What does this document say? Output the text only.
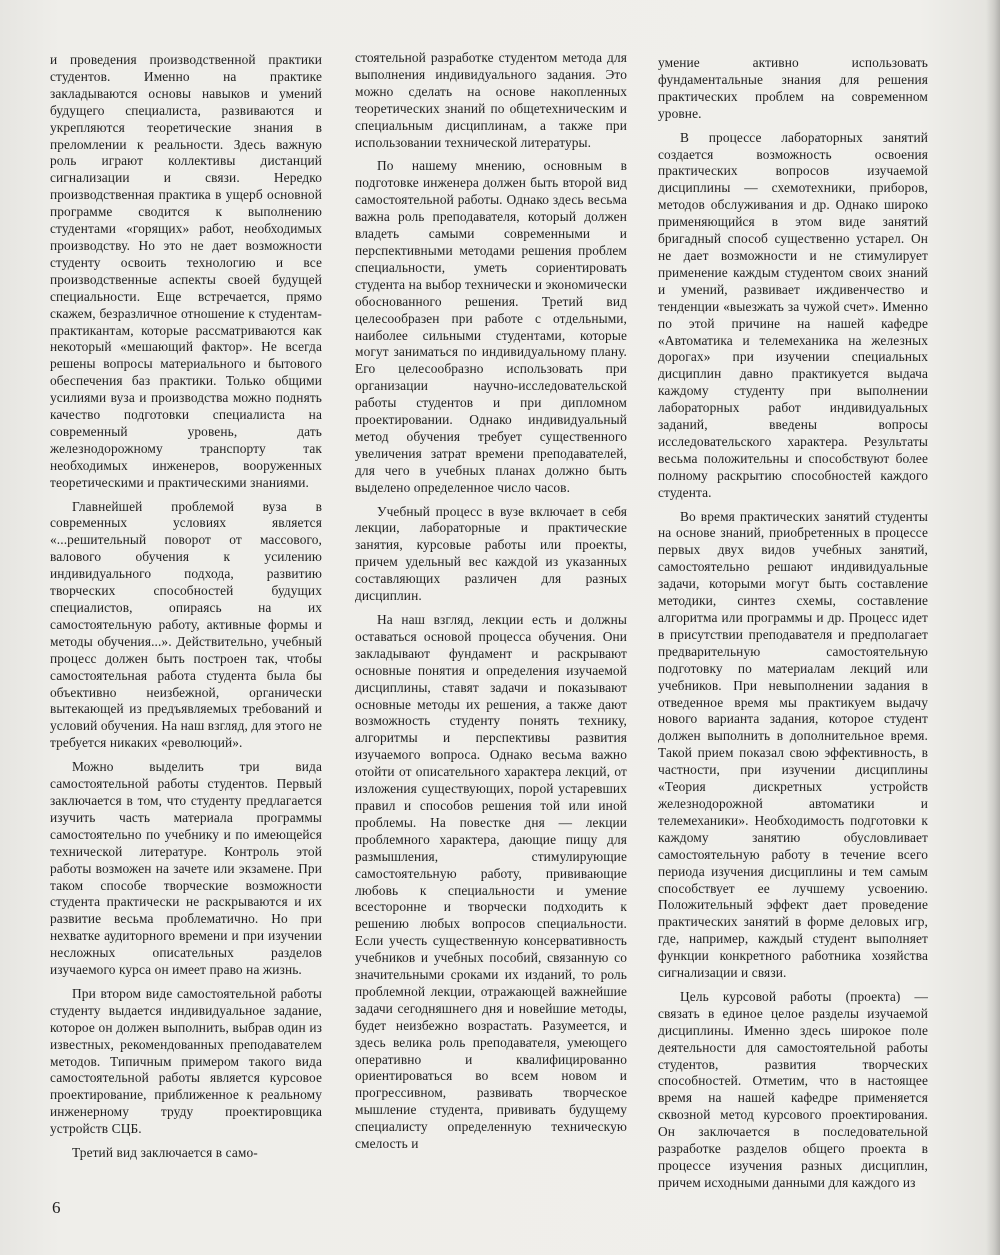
и проведения производственной практики студентов. Именно на практике закладываются основы навыков и умений будущего специалиста, развиваются и укрепляются теоретические знания в преломлении к реальности. Здесь важную роль играют коллективы дистанций сигнализации и связи. Нередко производственная практика в ущерб основной программе сводится к выполнению студентами «горящих» работ, необходимых производству. Но это не дает возможности студенту освоить технологию и все производственные аспекты своей будущей специальности. Еще встречается, прямо скажем, безразличное отношение к студентам-практикантам, которые рассматриваются как некоторый «мешающий фактор». Не всегда решены вопросы материального и бытового обеспечения баз практики. Только общими усилиями вуза и производства можно поднять качество подготовки специалиста на современный уровень, дать железнодорожному транспорту так необходимых инженеров, вооруженных теоретическими и практическими знаниями.

Главнейшей проблемой вуза в современных условиях является «...решительный поворот от массового, валового обучения к усилению индивидуального подхода, развитию творческих способностей будущих специалистов, опираясь на их самостоятельную работу, активные формы и методы обучения...». Действительно, учебный процесс должен быть построен так, чтобы самостоятельная работа студента была бы объективно неизбежной, органически вытекающей из предъявляемых требований и условий обучения. На наш взгляд, для этого не требуется никаких «революций».

Можно выделить три вида самостоятельной работы студентов. Первый заключается в том, что студенту предлагается изучить часть материала программы самостоятельно по учебнику и по имеющейся технической литературе. Контроль этой работы возможен на зачете или экзамене. При таком способе творческие возможности студента практически не раскрываются и их развитие весьма проблематично. Но при нехватке аудиторного времени и при изучении несложных описательных разделов изучаемого курса он имеет право на жизнь.

При втором виде самостоятельной работы студенту выдается индивидуальное задание, которое он должен выполнить, выбрав один из известных, рекомендованных преподавателем методов. Типичным примером такого вида самостоятельной работы является курсовое проектирование, приближенное к реальному инженерному труду проектировщика устройств СЦБ.

Третий вид заключается в само-

стоятельной разработке студентом метода для выполнения индивидуального задания. Это можно сделать на основе накопленных теоретических знаний по общетехническим и специальным дисциплинам, а также при использовании технической литературы.

По нашему мнению, основным в подготовке инженера должен быть второй вид самостоятельной работы. Однако здесь весьма важна роль преподавателя, который должен владеть самыми современными и перспективными методами решения проблем специальности, уметь сориентировать студента на выбор технически и экономически обоснованного решения. Третий вид целесообразен при работе с отдельными, наиболее сильными студентами, которые могут заниматься по индивидуальному плану. Его целесообразно использовать при организации научно-исследовательской работы студентов и при дипломном проектировании. Однако индивидуальный метод обучения требует существенного увеличения затрат времени преподавателей, для чего в учебных планах должно быть выделено определенное число часов.

Учебный процесс в вузе включает в себя лекции, лабораторные и практические занятия, курсовые работы или проекты, причем удельный вес каждой из указанных составляющих различен для разных дисциплин.

На наш взгляд, лекции есть и должны оставаться основой процесса обучения. Они закладывают фундамент и раскрывают основные понятия и определения изучаемой дисциплины, ставят задачи и показывают основные методы их решения, а также дают возможность студенту понять технику, алгоритмы и перспективы развития изучаемого вопроса. Однако весьма важно отойти от описательного характера лекций, от изложения существующих, порой устаревших правил и способов решения той или иной проблемы. На повестке дня — лекции проблемного характера, дающие пищу для размышления, стимулирующие самостоятельную работу, прививающие любовь к специальности и умение всесторонне и творчески подходить к решению любых вопросов специальности. Если учесть существенную консервативность учебников и учебных пособий, связанную со значительными сроками их изданий, то роль проблемной лекции, отражающей важнейшие задачи сегодняшнего дня и новейшие методы, будет неизбежно возрастать. Разумеется, и здесь велика роль преподавателя, умеющего оперативно и квалифицированно ориентироваться во всем новом и прогрессивном, развивать творческое мышление студента, прививать будущему специалисту определенную техническую смелость и

умение активно использовать фундаментальные знания для решения практических проблем на современном уровне.

В процессе лабораторных занятий создается возможность освоения практических вопросов изучаемой дисциплины — схемотехники, приборов, методов обслуживания и др. Однако широко применяющийся в этом виде занятий бригадный способ существенно устарел. Он не дает возможности и не стимулирует применение каждым студентом своих знаний и умений, развивает иждивенчество и тенденции «выезжать за чужой счет». Именно по этой причине на нашей кафедре «Автоматика и телемеханика на железных дорогах» при изучении специальных дисциплин давно практикуется выдача каждому студенту при выполнении лабораторных работ индивидуальных заданий, введены вопросы исследовательского характера. Результаты весьма положительны и способствуют более полному раскрытию способностей каждого студента.

Во время практических занятий студенты на основе знаний, приобретенных в процессе первых двух видов учебных занятий, самостоятельно решают индивидуальные задачи, которыми могут быть составление методики, синтез схемы, составление алгоритма или программы и др. Процесс идет в присутствии преподавателя и предполагает предварительную самостоятельную подготовку по материалам лекций или учебников. При невыполнении задания в отведенное время мы практикуем выдачу нового варианта задания, которое студент должен выполнить в дополнительное время. Такой прием показал свою эффективность, в частности, при изучении дисциплины «Теория дискретных устройств железнодорожной автоматики и телемеханики». Необходимость подготовки к каждому занятию обусловливает самостоятельную работу в течение всего периода изучения дисциплины и тем самым способствует ее лучшему усвоению. Положительный эффект дает проведение практических занятий в форме деловых игр, где, например, каждый студент выполняет функции конкретного работника хозяйства сигнализации и связи.

Цель курсовой работы (проекта) — связать в единое целое разделы изучаемой дисциплины. Именно здесь широкое поле деятельности для самостоятельной работы студентов, развития творческих способностей. Отметим, что в настоящее время на нашей кафедре применяется сквозной метод курсового проектирования. Он заключается в последовательной разработке разделов общего проекта в процессе изучения разных дисциплин, причем исходными данными для каждого из

6
